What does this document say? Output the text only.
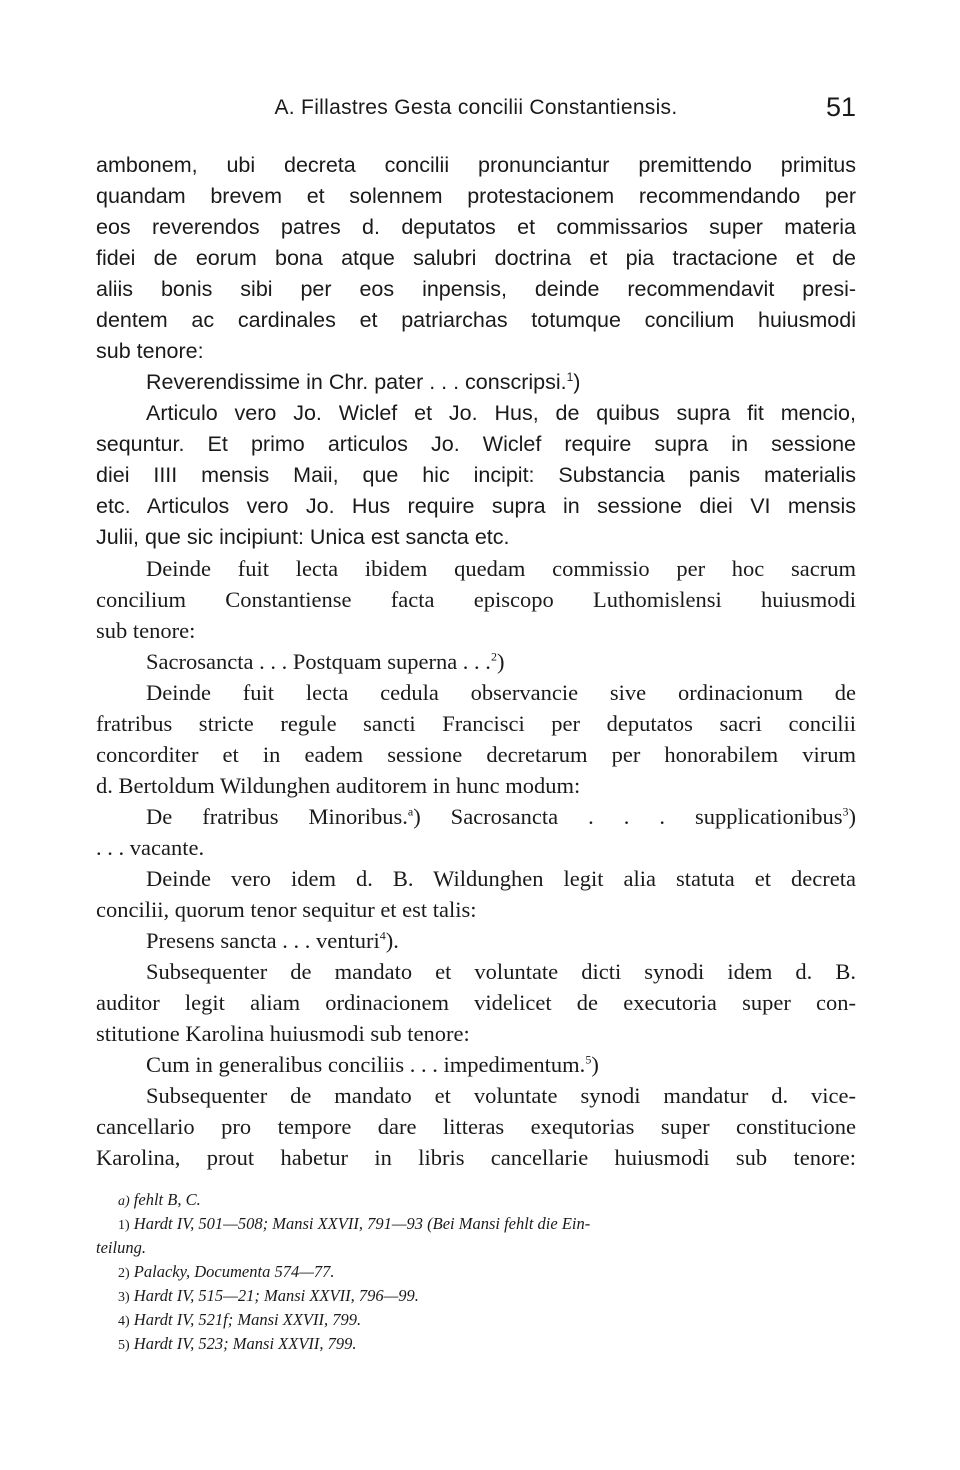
A. Fillastres Gesta concilii Constantiensis.	51
ambonem, ubi decreta concilii pronunciantur premittendo primitus
quandam brevem et solennem protestacionem recommendando per
eos reverendos patres d. deputatos et commissarios super materia
fidei de eorum bona atque salubri doctrina et pia tractacione et de
aliis bonis sibi per eos inpensis, deinde recommendavit presi-
dentem ac cardinales et patriarchas totumque concilium huiusmodi
sub tenore:
Reverendissime in Chr. pater . . . conscripsi.$^1$)
Articulo vero Jo. Wiclef et Jo. Hus, de quibus supra fit mencio,
sequntur. Et primo articulos Jo. Wiclef require supra in sessione
diei IIII mensis Maii, que hic incipit: Substancia panis materialis
etc. Articulos vero Jo. Hus require supra in sessione diei VI mensis
Julii, que sic incipiunt: Unica est sancta etc.
Deinde fuit lecta ibidem quedam commissio per hoc sacrum
concilium Constantiense facta episcopo Luthomislensi huiusmodi
sub tenore:
Sacrosancta . . . Postquam superna . . .$^2$)
Deinde fuit lecta cedula observancie sive ordinacionum de
fratribus stricte regule sancti Francisci per deputatos sacri concilii
concorditer et in eadem sessione decretarum per honorabilem virum
d. Bertoldum Wildunghen auditorem in hunc modum:
De fratribus Minoribus.$^a$) Sacrosancta . . . supplicationibus$^3$)
. . . vacante.
Deinde vero idem d. B. Wildunghen legit alia statuta et decreta
concilii, quorum tenor sequitur et est talis:
Presens sancta . . . venturi$^4$).
Subsequenter de mandato et voluntate dicti synodi idem d. B.
auditor legit aliam ordinacionem videlicet de executoria super con-
stitutione Karolina huiusmodi sub tenore:
Cum in generalibus conciliis . . . impedimentum.$^5$)
Subsequenter de mandato et voluntate synodi mandatur d. vice-
cancellario pro tempore dare litteras exequtorias super constitucione
Karolina, prout habetur in libris cancellarie huiusmodi sub tenore:
a) fehlt B, C.
1) Hardt IV, 501—508; Mansi XXVII, 791—93 (Bei Mansi fehlt die Ein-
teilung.
2) Palacky, Documenta 574—77.
3) Hardt IV, 515—21; Mansi XXVII, 796—99.
4) Hardt IV, 521f; Mansi XXVII, 799.
5) Hardt IV, 523; Mansi XXVII, 799.
